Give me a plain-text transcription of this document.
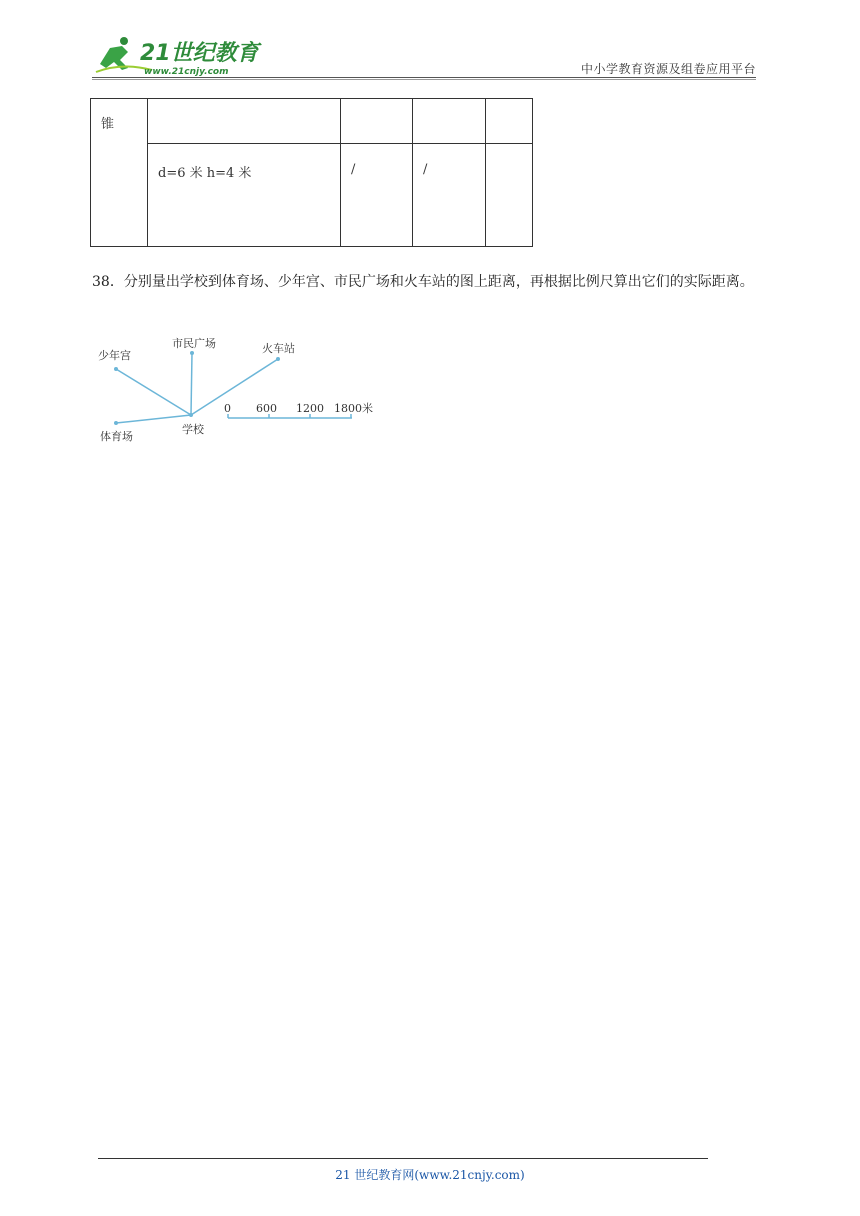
21世纪教育
www.21cnjy.com	中小学教育资源及组卷应用平台
锥				
	d=6 米 h=4 米	/	/	
38．分别量出学校到体育场、少年宫、市民广场和火车站的图上距离，再根据比例尺算出它们的实际距离。
少年宫
市民广场	火车站
体育场
学校
0 600 1200 1800米
21 世纪教育网(www.21cnjy.com)
